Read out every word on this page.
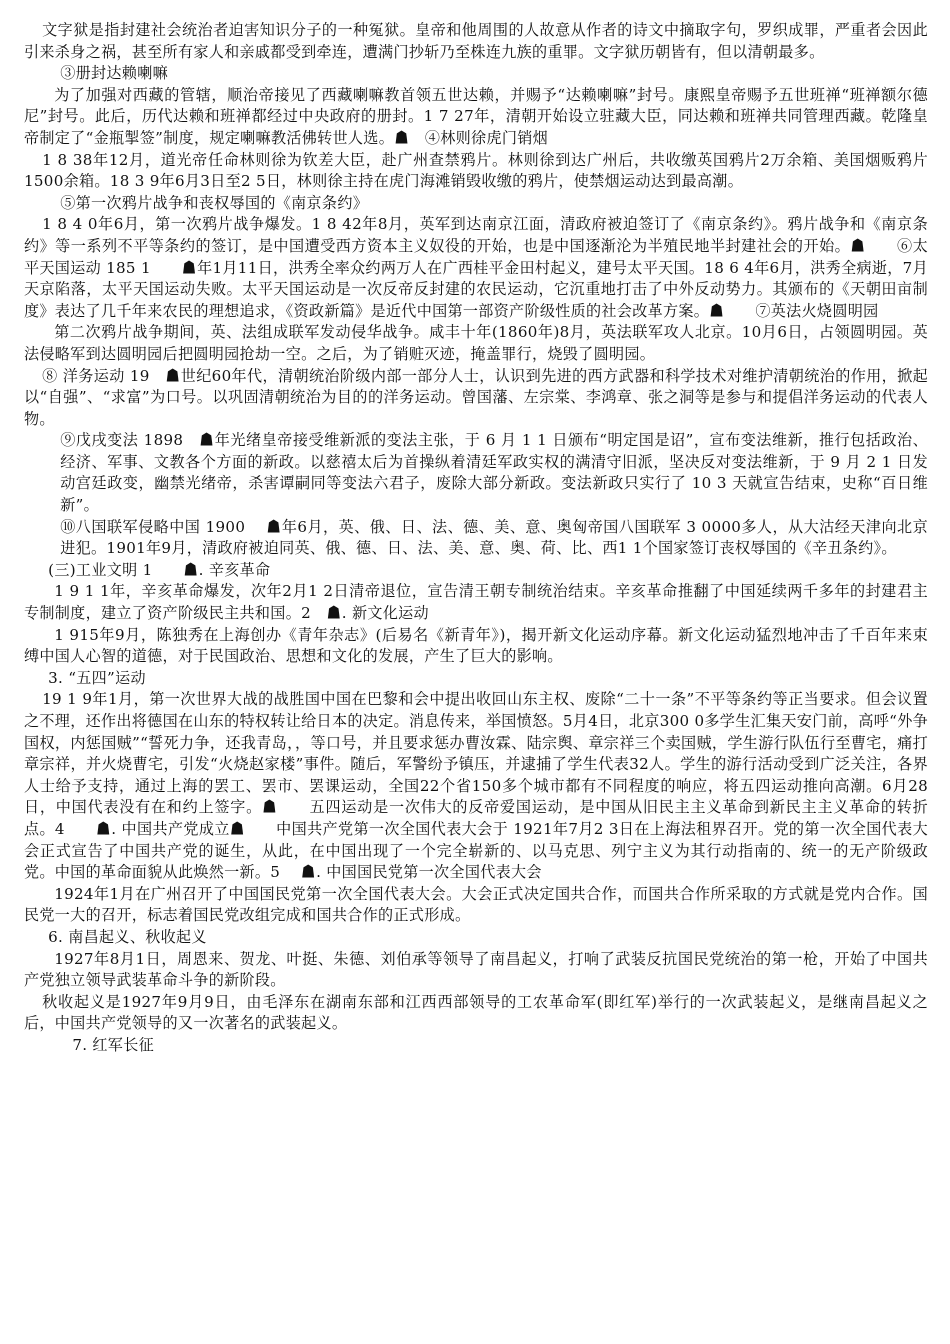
文字狱是指封建社会统治者迫害知识分子的一种冤狱。皇帝和他周围的人故意从作者的诗文中摘取字句，罗织成罪，严重者会因此引来杀身之祸，甚至所有家人和亲戚都受到牵连，遭满门抄斩乃至株连九族的重罪。文字狱历朝皆有，但以清朝最多。

③册封达赖喇嘛

为了加强对西藏的管辖，顺治帝接见了西藏喇嘛教首领五世达赖，并赐予“达赖喇嘛”封号。康熙皇帝赐予五世班禅“班禅额尔德尼”封号。此后，历代达赖和班禅都经过中央政府的册封。1 7 27年，清朝开始设立驻藏大臣，同达赖和班禅共同管理西藏。乾隆皇帝制定了“金瓶掣签”制度，规定喇嘛教活佛转世人选。☗　④林则徐虎门销烟

1 8 38年12月，道光帝任命林则徐为钦差大臣，赴广州查禁鸦片。林则徐到达广州后，共收缴英国鸦片2万余箱、美国烟贩鸦片1500余箱。18 3 9年6月3日至2 5日，林则徐主持在虎门海滩销毁收缴的鸦片，使禁烟运动达到最高潮。

⑤第一次鸦片战争和丧权辱国的《南京条约》

1 8 4 0年6月，第一次鸦片战争爆发。1 8 42年8月，英军到达南京江面，清政府被迫签订了《南京条约》。鸦片战争和《南京条约》等一系列不平等条约的签订，是中国遭受西方资本主义奴役的开始，也是中国逐渐沦为半殖民地半封建社会的开始。☗　　⑥太平天国运动 185 1　　☗年1月11日，洪秀全率众约两万人在广西桂平金田村起义，建号太平天国。18 6 4年6月，洪秀全病逝，7月天京陷落，太平天国运动失败。太平天国运动是一次反帝反封建的农民运动，它沉重地打击了中外反动势力。其颁布的《天朝田亩制度》表达了几千年来农民的理想追求，《资政新篇》是近代中国第一部资产阶级性质的社会改革方案。☗　　⑦英法火烧圆明园

第二次鸦片战争期间，英、法组成联军发动侵华战争。咸丰十年(1860年)8月，英法联军攻人北京。10月6日，占领圆明园。英法侵略军到达圆明园后把圆明园抢劫一空。之后，为了销赃灭迹，掩盖罪行，烧毁了圆明园。

⑧ 洋务运动 19　☗世纪60年代，清朝统治阶级内部一部分人士，认识到先进的西方武器和科学技术对维护清朝统治的作用，掀起以“自强”、“求富”为口号。以巩固清朝统治为目的的洋务运动。曾国藩、左宗棠、李鸿章、张之洞等是参与和提倡洋务运动的代表人物。

⑨戊戌变法 1898　☗年光绪皇帝接受维新派的变法主张，于 6 月 1 1 日颁布“明定国是诏”，宣布变法维新，推行包括政治、经济、军事、文教各个方面的新政。以慈禧太后为首操纵着清廷军政实权的满清守旧派，坚决反对变法维新，于 9 月 2 1 日发动宫廷政变，幽禁光绪帝，杀害谭嗣同等变法六君子，废除大部分新政。变法新政只实行了 10 3 天就宣告结束，史称“百日维新”。

⑩八国联军侵略中国 1900　 ☗年6月，英、俄、日、法、德、美、意、奥匈帝国八国联军 3 0000多人，从大沽经天津向北京进犯。1901年9月，清政府被迫同英、俄、德、日、法、美、意、奥、荷、比、西1 1个国家签订丧权辱国的《辛丑条约》。

(三)工业文明 1　　☗. 辛亥革命

1 9 1 1年，辛亥革命爆发，次年2月1 2日清帝退位，宣告清王朝专制统治结束。辛亥革命推翻了中国延续两千多年的封建君主专制制度，建立了资产阶级民主共和国。2　☗. 新文化运动

1 915年9月，陈独秀在上海创办《青年杂志》(后易名《新青年》)，揭开新文化运动序幕。新文化运动猛烈地冲击了千百年来束缚中国人心智的道德，对于民国政治、思想和文化的发展，产生了巨大的影响。

3. “五四”运动

19 1 9年1月，第一次世界大战的战胜国中国在巴黎和会中提出收回山东主权、废除“二十一条”不平等条约等正当要求。但会议置之不理，还作出将德国在山东的特权转让给日本的决定。消息传来，举国愤怒。5月4日，北京300 0多学生汇集天安门前，高呼“外争国权，内惩国贼”“誓死力争，还我青岛，，等口号，并且要求惩办曹汝霖、陆宗舆、章宗祥三个卖国贼，学生游行队伍行至曹宅，痛打章宗祥，并火烧曹宅，引发“火烧赵家楼”事件。随后，军警纷予镇压，并逮捕了学生代表32人。学生的游行活动受到广泛关注，各界人士给予支持，通过上海的罢工、罢市、罢课运动，全国22个省150多个城市都有不同程度的响应，将五四运动推向高潮。6月28日，中国代表没有在和约上签字。☗　　五四运动是一次伟大的反帝爱国运动，是中国从旧民主主义革命到新民主主义革命的转折点。4　　☗. 中国共产党成立☗　　中国共产党第一次全国代表大会于 1921年7月2 3日在上海法租界召开。党的第一次全国代表大会正式宣告了中国共产党的诞生，从此，在中国出现了一个完全崭新的、以马克思、列宁主义为其行动指南的、统一的无产阶级政党。中国的革命面貌从此焕然一新。5　 ☗. 中国国民党第一次全国代表大会

1924年1月在广州召开了中国国民党第一次全国代表大会。大会正式决定国共合作，而国共合作所采取的方式就是党内合作。国民党一大的召开，标志着国民党改组完成和国共合作的正式形成。

6. 南昌起义、秋收起义

1927年8月1日，周恩来、贺龙、叶挺、朱德、刘伯承等领导了南昌起义，打响了武装反抗国民党统治的第一枪，开始了中国共产党独立领导武装革命斗争的新阶段。

秋收起义是1927年9月9日，由毛泽东在湖南东部和江西西部领导的工农革命军(即红军)举行的一次武装起义，是继南昌起义之后，中国共产党领导的又一次著名的武装起义。

7. 红军长征
